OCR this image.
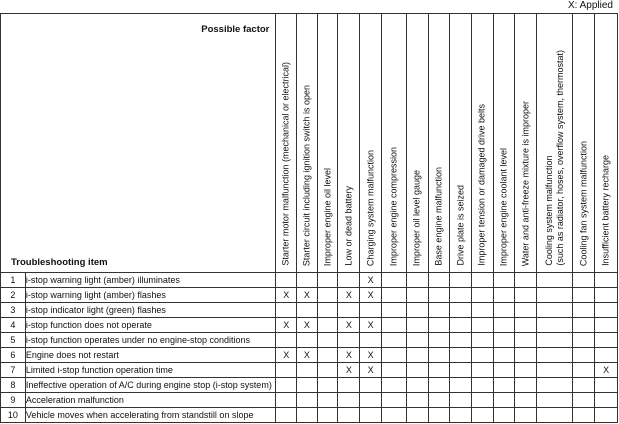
X: Applied
Possible factor
Troubleshooting item		Starter motor malfunction (mechanical or electrical)	Starter circuit including ignition switch is open	Improper engine oil level	Low or dead battery	Charging system malfunction	Improper engine compression	Improper oil level gauge	Base engine malfunction	Drive plate is seized	Improper tension or damaged drive belts	Improper engine coolant level	Water and anti-freeze mixture is improper	Cooling system malfunction
(such as radiator, hoses, overflow system, thermostat)	Cooling fan system malfunction	Insufficient battery recharge

1	i-stop warning light (amber) illuminates					X										
2	i-stop warning light (amber) flashes	X	X		X	X										
3	i-stop indicator light (green) flashes															
4	i-stop function does not operate	X	X		X	X										
5	i-stop function operates under no engine-stop conditions															
6	Engine does not restart	X	X		X	X										
7	Limited i-stop function operation time				X	X										X
8	Ineffective operation of A/C during engine stop (i-stop system)															
9	Acceleration malfunction															
10	Vehicle moves when accelerating from standstill on slope															
